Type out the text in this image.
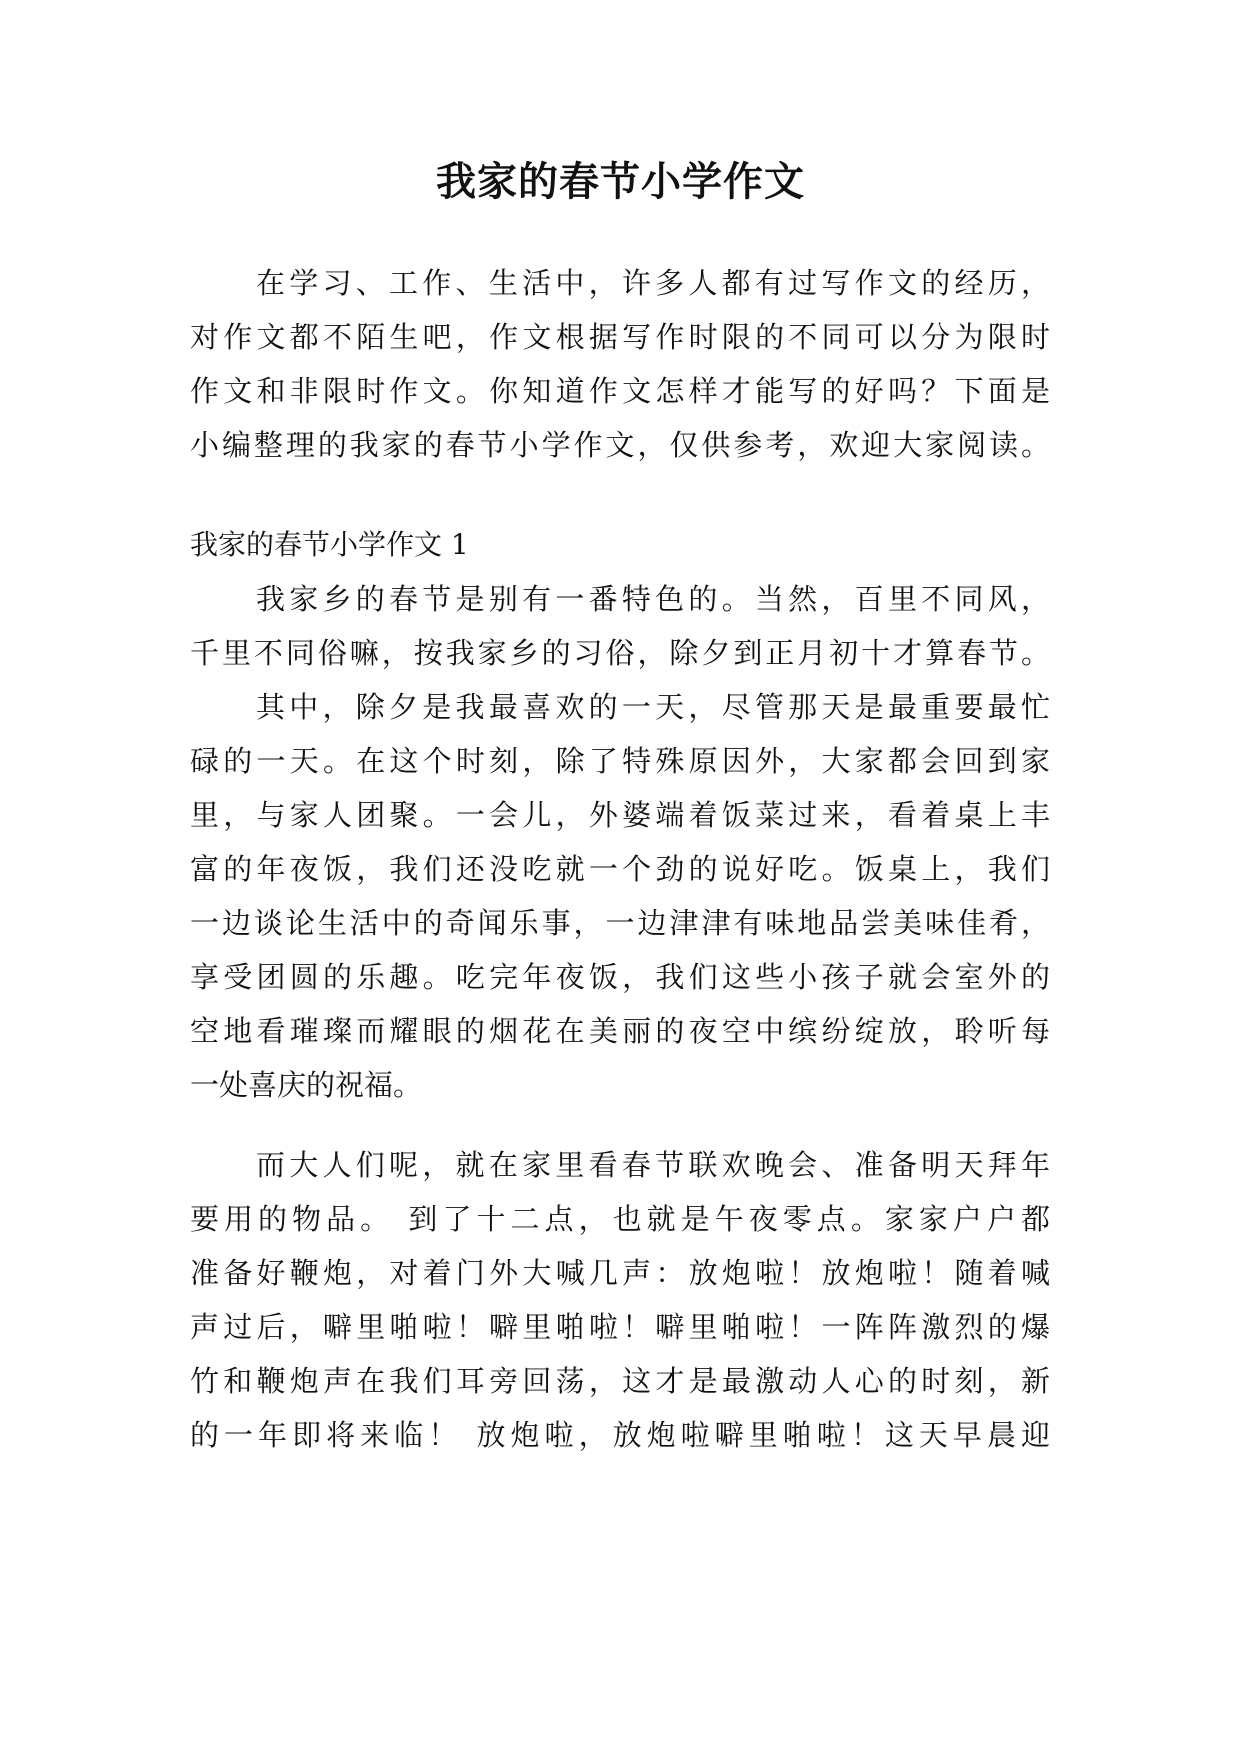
我家的春节小学作文
在学习、工作、生活中，许多人都有过写作文的经历，
对作文都不陌生吧，作文根据写作时限的不同可以分为限时
作文和非限时作文。你知道作文怎样才能写的好吗？下面是
小编整理的我家的春节小学作文，仅供参考，欢迎大家阅读。
我家的春节小学作文 1
我家乡的春节是别有一番特色的。当然，百里不同风，
千里不同俗嘛，按我家乡的习俗，除夕到正月初十才算春节。
其中，除夕是我最喜欢的一天，尽管那天是最重要最忙
碌的一天。在这个时刻，除了特殊原因外，大家都会回到家
里，与家人团聚。一会儿，外婆端着饭菜过来，看着桌上丰
富的年夜饭，我们还没吃就一个劲的说好吃。饭桌上，我们
一边谈论生活中的奇闻乐事，一边津津有味地品尝美味佳肴，
享受团圆的乐趣。吃完年夜饭，我们这些小孩子就会室外的
空地看璀璨而耀眼的烟花在美丽的夜空中缤纷绽放，聆听每
一处喜庆的祝福。
而大人们呢，就在家里看春节联欢晚会、准备明天拜年
要用的物品。 到了十二点，也就是午夜零点。家家户户都
准备好鞭炮，对着门外大喊几声：放炮啦！放炮啦！随着喊
声过后，噼里啪啦！噼里啪啦！噼里啪啦！一阵阵激烈的爆
竹和鞭炮声在我们耳旁回荡，这才是最激动人心的时刻，新
的一年即将来临！ 放炮啦，放炮啦噼里啪啦！这天早晨迎
